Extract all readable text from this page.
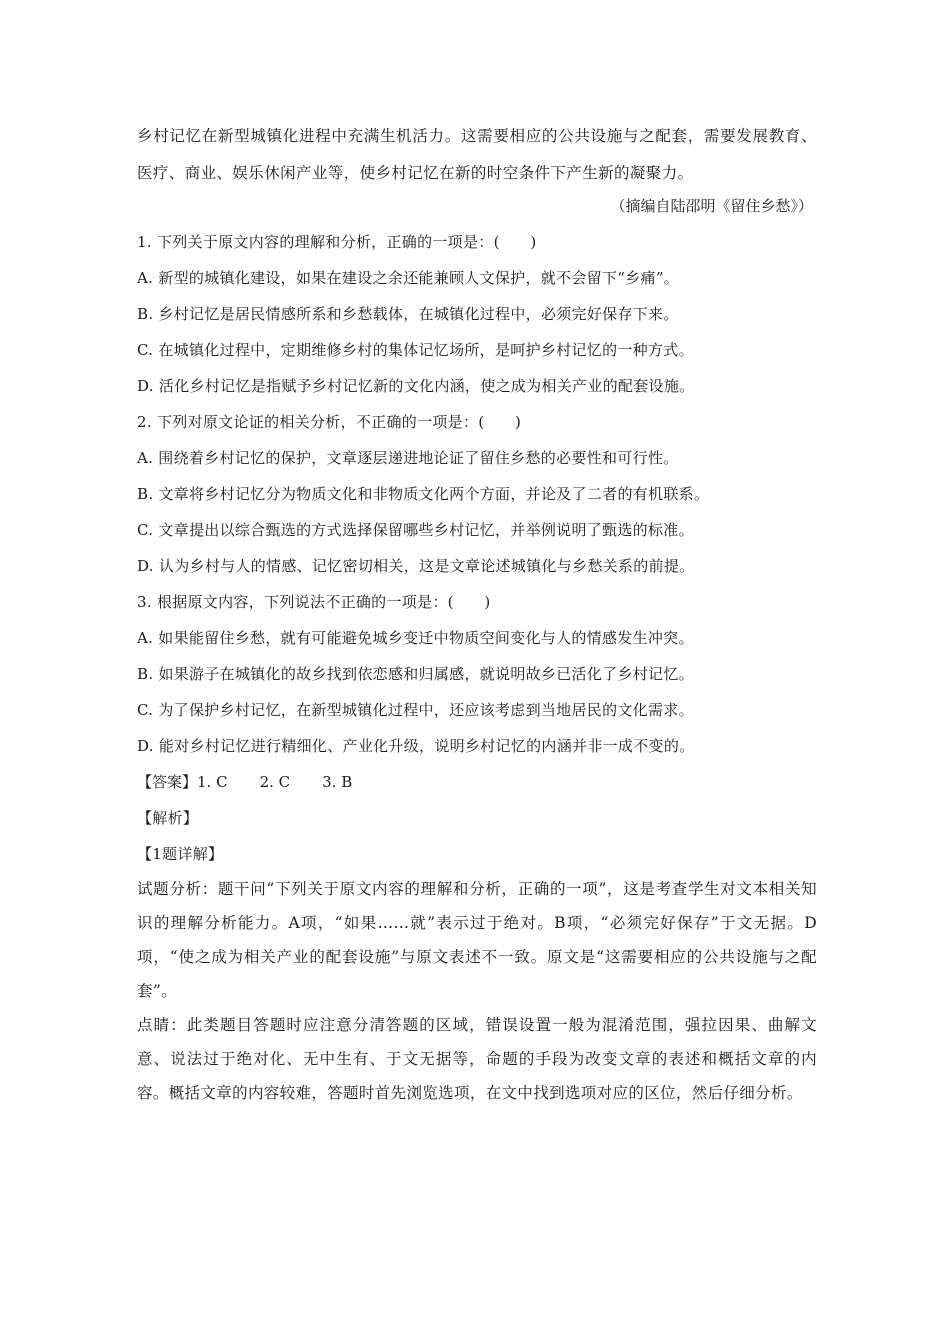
乡村记忆在新型城镇化进程中充满生机活力。这需要相应的公共设施与之配套，需要发展教育、医疗、商业、娱乐休闲产业等，使乡村记忆在新的时空条件下产生新的凝聚力。

（摘编自陆邵明《留住乡愁》）

1. 下列关于原文内容的理解和分析，正确的一项是：(　　)

A. 新型的城镇化建设，如果在建设之余还能兼顾人文保护，就不会留下“乡痛”。

B. 乡村记忆是居民情感所系和乡愁载体，在城镇化过程中，必须完好保存下来。

C. 在城镇化过程中，定期维修乡村的集体记忆场所，是呵护乡村记忆的一种方式。

D. 活化乡村记忆是指赋予乡村记忆新的文化内涵，使之成为相关产业的配套设施。

2. 下列对原文论证的相关分析，不正确的一项是：(　　)

A. 围绕着乡村记忆的保护，文章逐层递进地论证了留住乡愁的必要性和可行性。

B. 文章将乡村记忆分为物质文化和非物质文化两个方面，并论及了二者的有机联系。

C. 文章提出以综合甄选的方式选择保留哪些乡村记忆，并举例说明了甄选的标准。

D. 认为乡村与人的情感、记忆密切相关，这是文章论述城镇化与乡愁关系的前提。

3. 根据原文内容，下列说法不正确的一项是：(　　)

A. 如果能留住乡愁，就有可能避免城乡变迁中物质空间变化与人的情感发生冲突。

B. 如果游子在城镇化的故乡找到依恋感和归属感，就说明故乡已活化了乡村记忆。

C. 为了保护乡村记忆，在新型城镇化过程中，还应该考虑到当地居民的文化需求。

D. 能对乡村记忆进行精细化、产业化升级，说明乡村记忆的内涵并非一成不变的。

【答案】1. C 2. C 3. B

【解析】

【1题详解】

试题分析：题干问“下列关于原文内容的理解和分析，正确的一项”，这是考查学生对文本相关知识的理解分析能力。A项，“如果……就”表示过于绝对。B项，“必须完好保存”于文无据。D项，“使之成为相关产业的配套设施”与原文表述不一致。原文是“这需要相应的公共设施与之配套”。

点睛：此类题目答题时应注意分清答题的区域，错误设置一般为混淆范围，强拉因果、曲解文意、说法过于绝对化、无中生有、于文无据等，命题的手段为改变文章的表述和概括文章的内容。概括文章的内容较难，答题时首先浏览选项，在文中找到选项对应的区位，然后仔细分析。
